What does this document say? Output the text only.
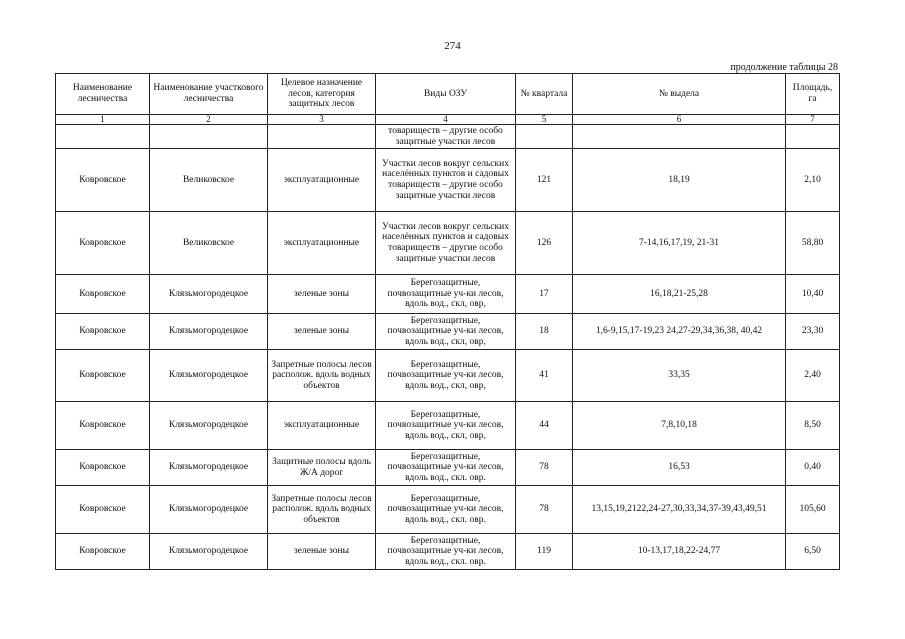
274
продолжение таблицы 28
Наименование лесничества	Наименование участкового лесничества	Целевое назначение лесов, категория защитных лесов	Виды ОЗУ	№ квартала	№ выдела	Площадь, га
1	2	3	4	5	6	7
			товариществ – другие особо защитные участки лесов			
Ковровское	Великовское	эксплуатационные	Участки лесов вокруг сельских населённых пунктов и садовых товариществ – другие особо защитные участки лесов	121	18,19	2,10
Ковровское	Великовское	эксплуатационные	Участки лесов вокруг сельских населённых пунктов и садовых товариществ – другие особо защитные участки лесов	126	7-14,16,17,19, 21-31	58,80
Ковровское	Клязьмогородецкое	зеленые зоны	Берегозащитные, почвозащитные уч-ки лесов, вдоль вод., скл, овр,	17	16,18,21-25,28	10,40
Ковровское	Клязьмогородецкое	зеленые зоны	Берегозащитные, почвозащитные уч-ки лесов, вдоль вод., скл, овр,	18	1,6-9,15,17-19,23 24,27-29,34,36,38, 40,42	23,30
Ковровское	Клязьмогородецкое	Запретные полосы лесов располож. вдоль водных объектов	Берегозащитные, почвозащитные уч-ки лесов, вдоль вод., скл, овр,	41	33,35	2,40
Ковровское	Клязьмогородецкое	эксплуатационные	Берегозащитные, почвозащитные уч-ки лесов, вдоль вод., скл, овр,	44	7,8,10,18	8,50
Ковровское	Клязьмогородецкое	Защитные полосы вдоль Ж/А дорог	Берегозащитные, почвозащитные уч-ки лесов, вдоль вод., скл. овр.	78	16,53	0,40
Ковровское	Клязьмогородецкое	Запретные полосы лесов располож. вдоль водных объектов	Берегозащитные, почвозащитные уч-ки лесов, вдоль вод., скл. овр.	78	13,15,19,2122,24-27,30,33,34,37-39,43,49,51	105,60
Ковровское	Клязьмогородецкое	зеленые зоны	Берегозащитные, почвозащитные уч-ки лесов, вдоль вод., скл. овр.	119	10-13,17,18,22-24,77	6,50
